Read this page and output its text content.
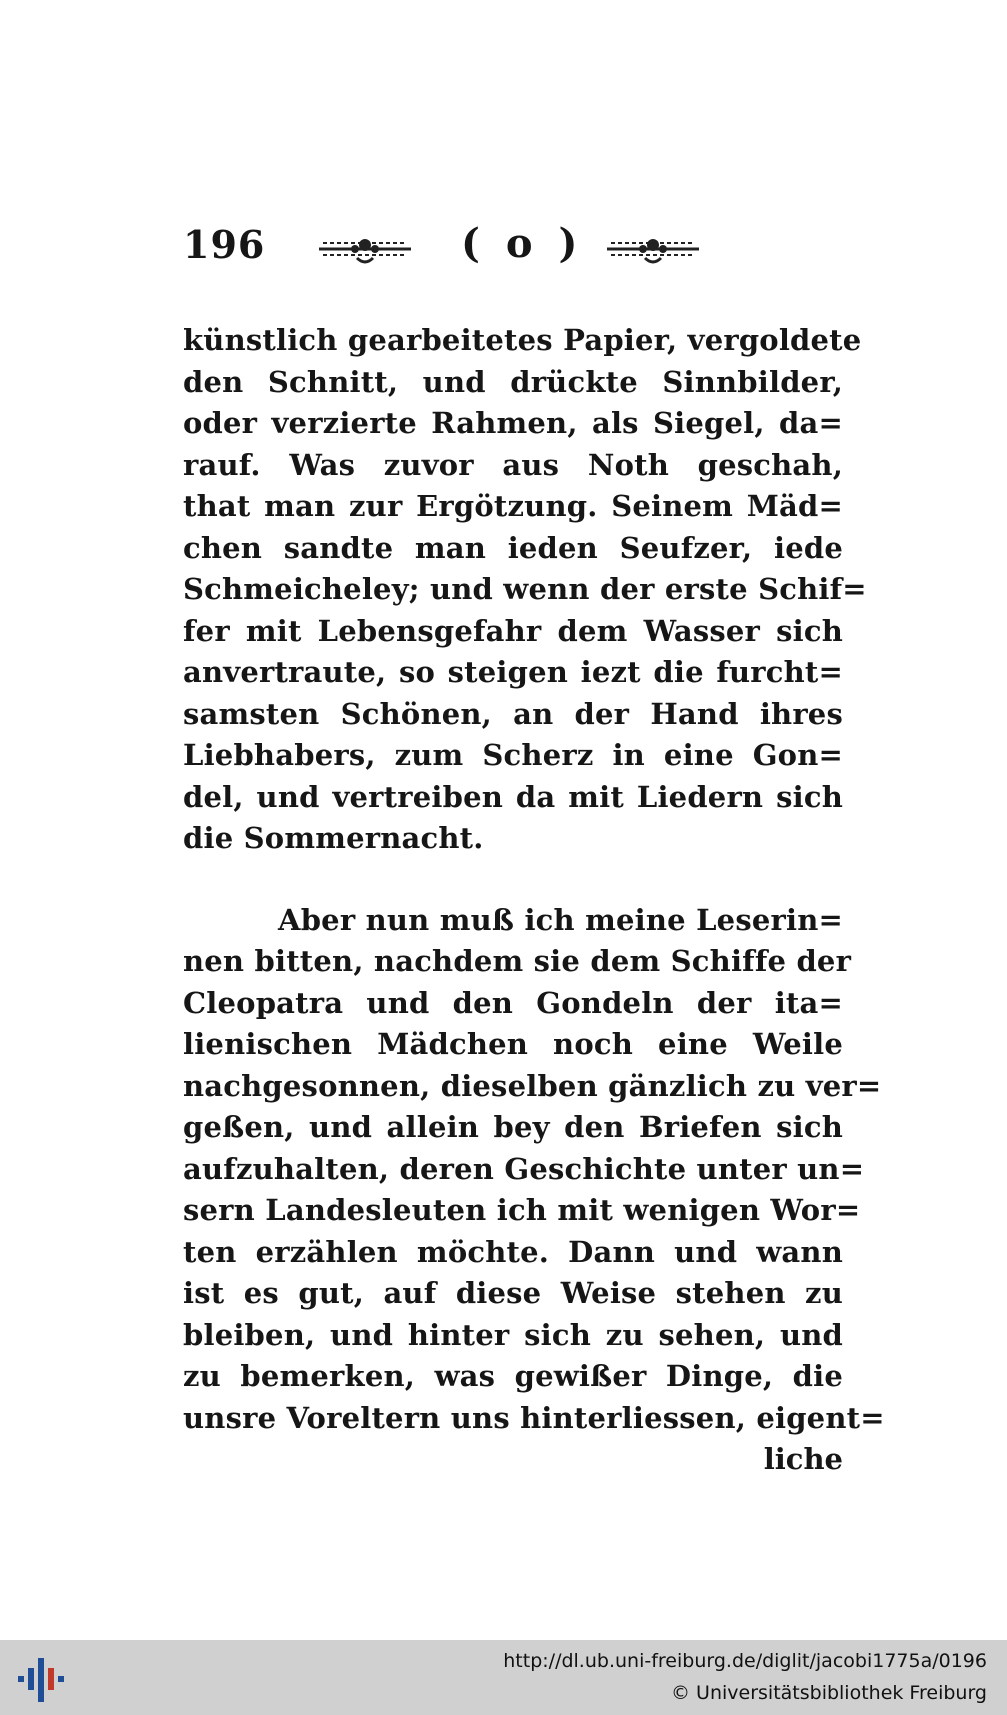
196	( o )
künstlich gearbeitetes Papier, vergoldete
den Schnitt, und drückte Sinnbilder,
oder verzierte Rahmen, als Siegel, da=
rauf. Was zuvor aus Noth geschah,
that man zur Ergötzung. Seinem Mäd=
chen sandte man ieden Seufzer, iede
Schmeicheley; und wenn der erste Schif=
fer mit Lebensgefahr dem Wasser sich
anvertraute, so steigen iezt die furcht=
samsten Schönen, an der Hand ihres
Liebhabers, zum Scherz in eine Gon=
del, und vertreiben da mit Liedern sich
die Sommernacht.
Aber nun muß ich meine Leserin=
nen bitten, nachdem sie dem Schiffe der
Cleopatra und den Gondeln der ita=
lienischen Mädchen noch eine Weile
nachgesonnen, dieselben gänzlich zu ver=
geßen, und allein bey den Briefen sich
aufzuhalten, deren Geschichte unter un=
sern Landesleuten ich mit wenigen Wor=
ten erzählen möchte. Dann und wann
ist es gut, auf diese Weise stehen zu
bleiben, und hinter sich zu sehen, und
zu bemerken, was gewißer Dinge, die
unsre Voreltern uns hinterliessen, eigent=
liche
http://dl.ub.uni-freiburg.de/diglit/jacobi1775a/0196
© Universitätsbibliothek Freiburg
